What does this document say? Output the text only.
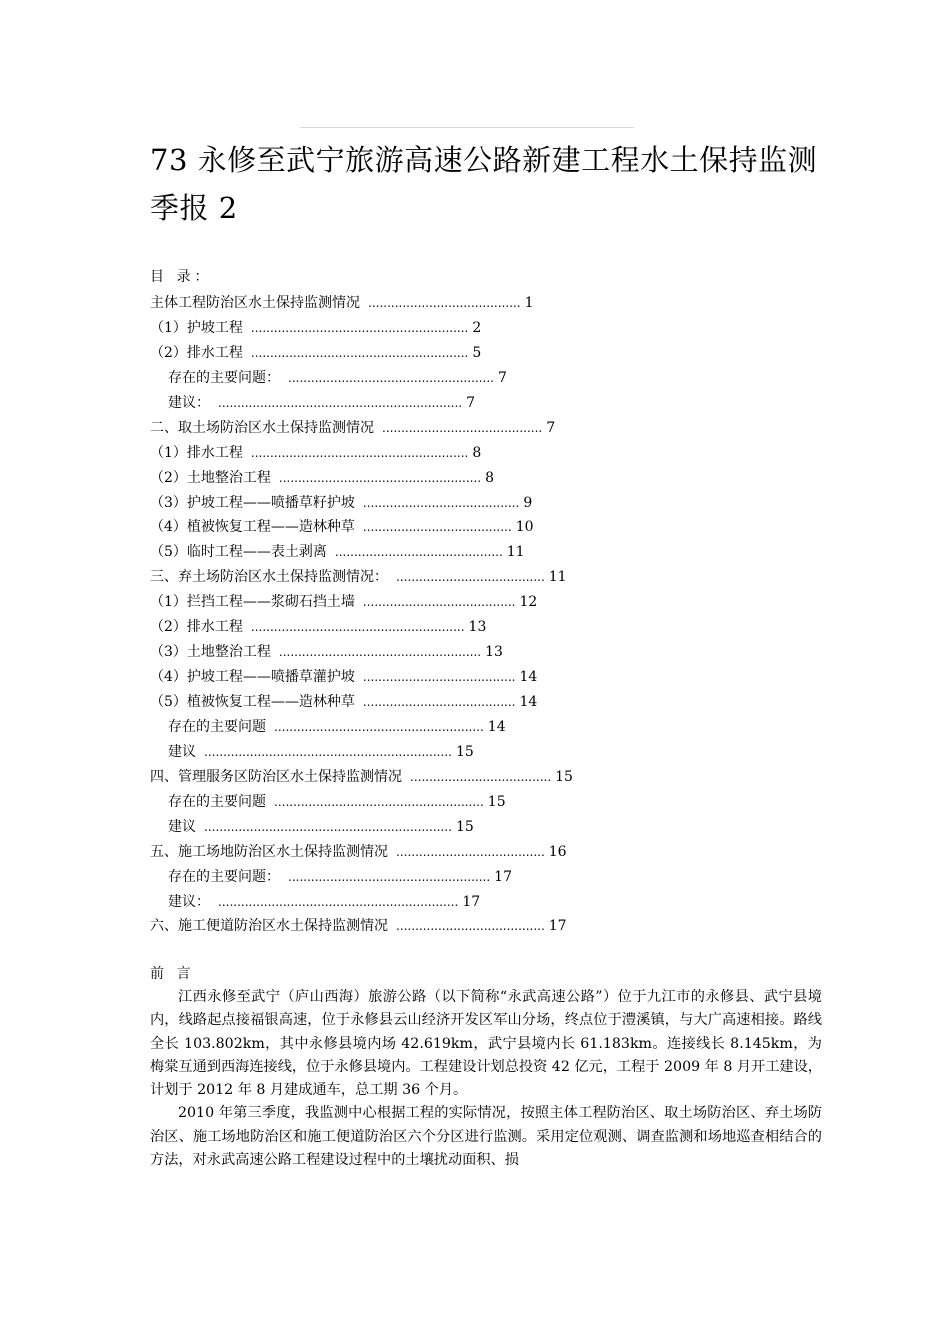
73 永修至武宁旅游高速公路新建工程水土保持监测季报 2
目 录：
主体工程防治区水土保持监测情况 ........................................ 1
（1）护坡工程 ......................................................... 2
（2）排水工程 ......................................................... 5
存在的主要问题： ...................................................... 7
建议： ................................................................ 7
二、取土场防治区水土保持监测情况 .......................................... 7
（1）排水工程 ......................................................... 8
（2）土地整治工程 ..................................................... 8
（3）护坡工程——喷播草籽护坡 ......................................... 9
（4）植被恢复工程——造林种草 ....................................... 10
（5）临时工程——表土剥离 ............................................ 11
三、弃土场防治区水土保持监测情况： ....................................... 11
（1）拦挡工程——浆砌石挡土墙 ........................................ 12
（2）排水工程 ........................................................ 13
（3）土地整治工程 ..................................................... 13
（4）护坡工程——喷播草灌护坡 ........................................ 14
（5）植被恢复工程——造林种草 ........................................ 14
存在的主要问题 ....................................................... 14
建议 ................................................................. 15
四、管理服务区防治区水土保持监测情况 ..................................... 15
存在的主要问题 ....................................................... 15
建议 ................................................................. 15
五、施工场地防治区水土保持监测情况 ....................................... 16
存在的主要问题： ..................................................... 17
建议： ............................................................... 17
六、施工便道防治区水土保持监测情况 ....................................... 17
前 言

江西永修至武宁（庐山西海）旅游公路（以下简称“永武高速公路”）位于九江市的永修县、武宁县境内，线路起点接福银高速，位于永修县云山经济开发区军山分场，终点位于澧溪镇，与大广高速相接。路线全长 103.802km，其中永修县境内场 42.619km，武宁县境内长 61.183km。连接线长 8.145km，为梅棠互通到西海连接线，位于永修县境内。工程建设计划总投资 42 亿元，工程于 2009 年 8 月开工建设，计划于 2012 年 8 月建成通车，总工期 36 个月。

2010 年第三季度，我监测中心根据工程的实际情况，按照主体工程防治区、取土场防治区、弃土场防治区、施工场地防治区和施工便道防治区六个分区进行监测。采用定位观测、调查监测和场地巡查相结合的方法，对永武高速公路工程建设过程中的土壤扰动面积、损
